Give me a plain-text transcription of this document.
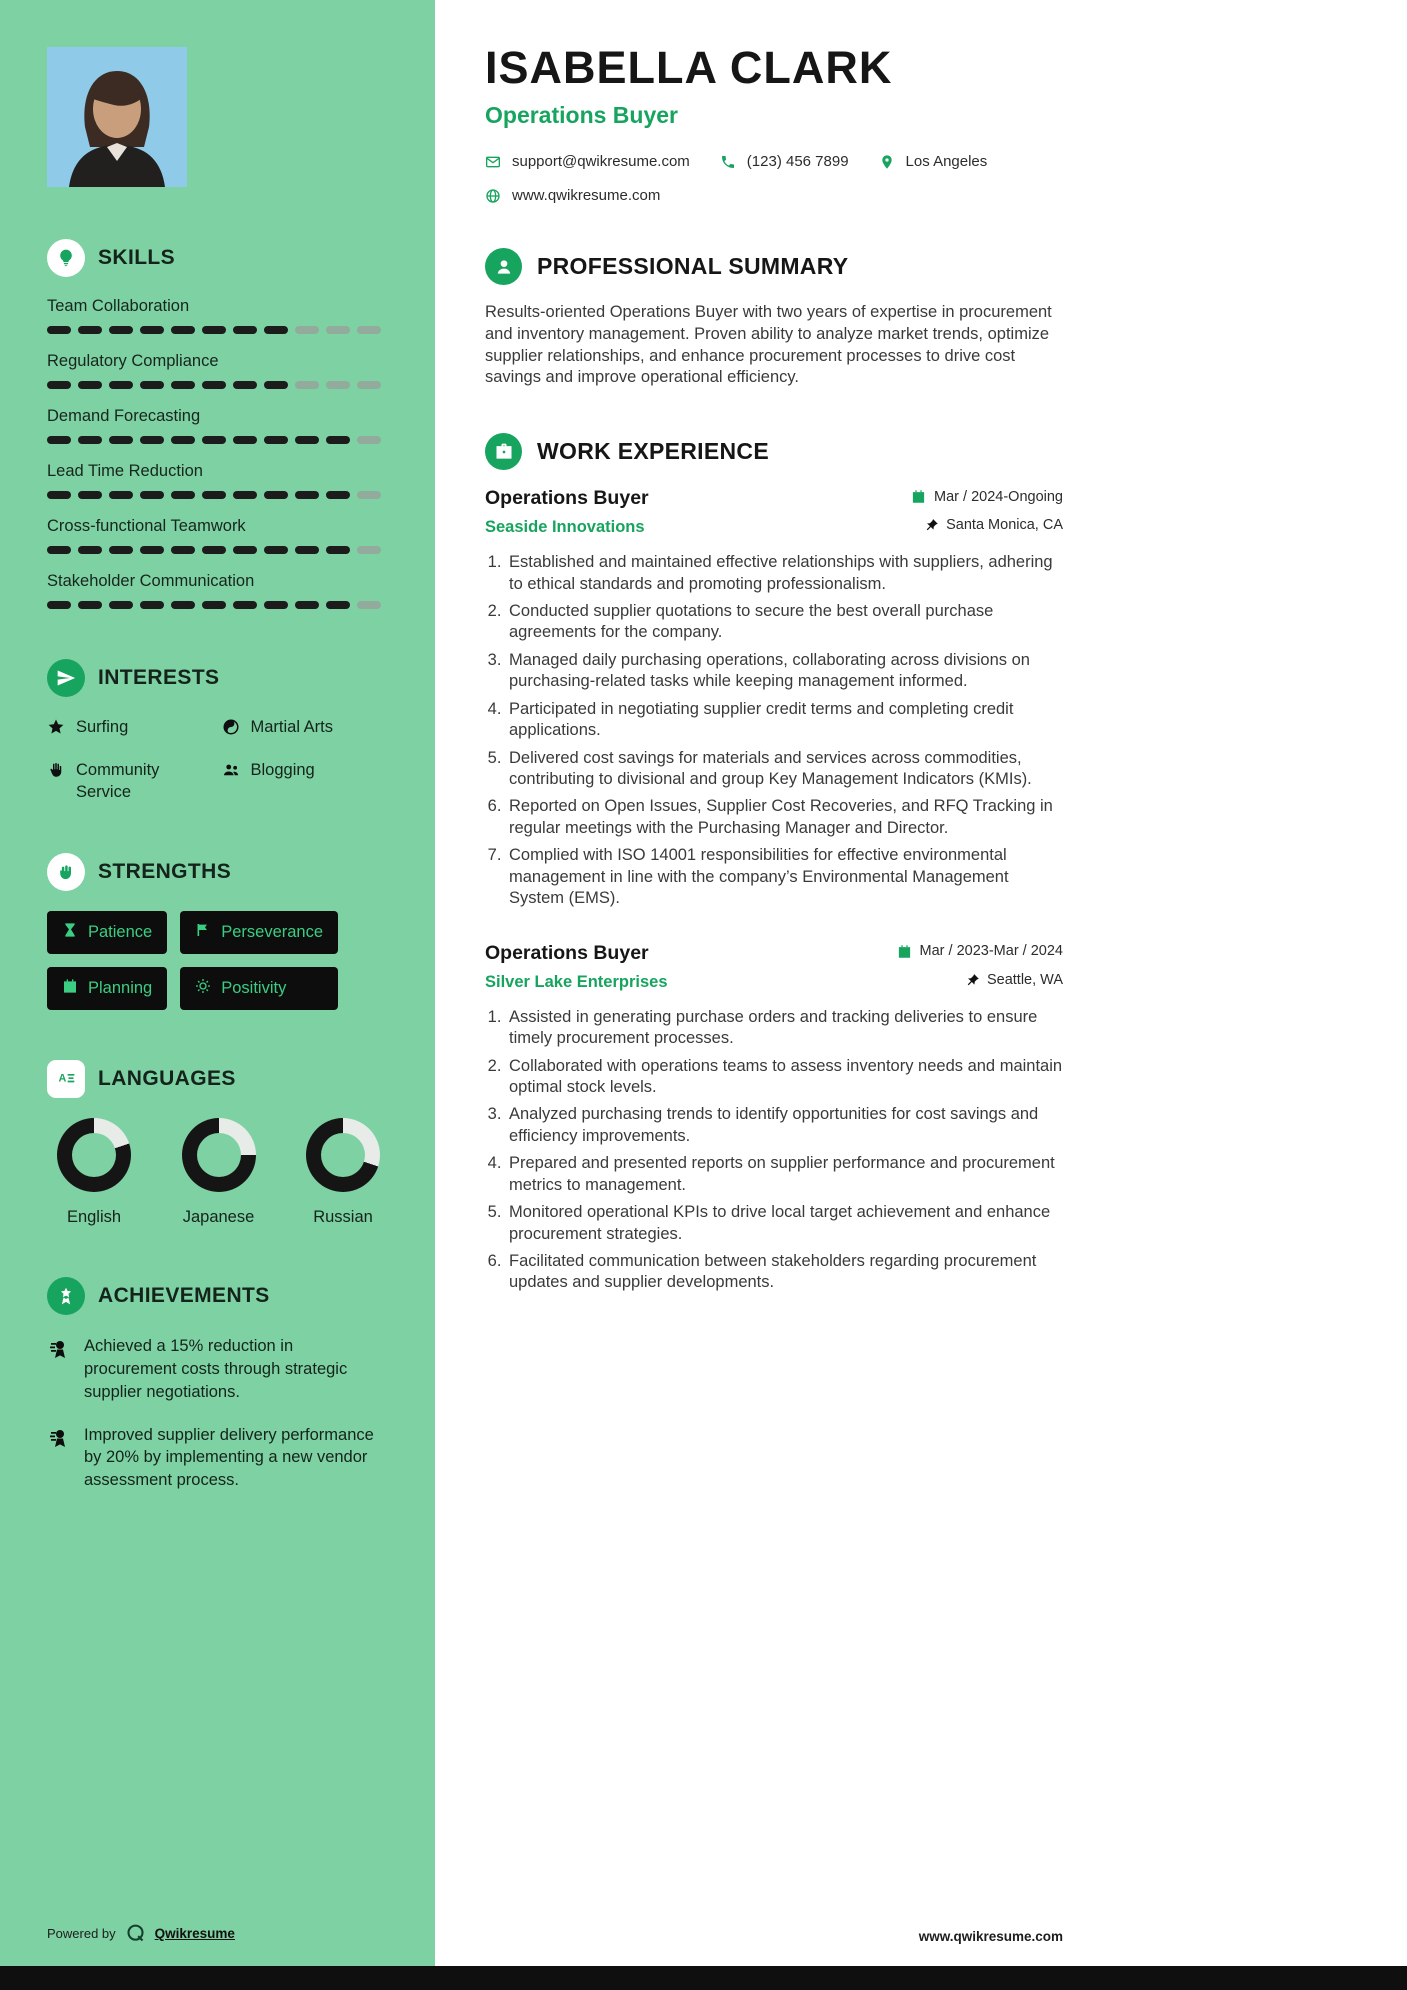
SKILLS
Team Collaboration
Regulatory Compliance
Demand Forecasting
Lead Time Reduction
Cross-functional Teamwork
Stakeholder Communication
INTERESTS
Surfing	Martial Arts
Community Service
Blogging
STRENGTHS
Patience	Perseverance
Planning	Positivity
A LANGUAGES
English	Japanese	Russian
ACHIEVEMENTS
Achieved a 15% reduction in procurement costs through strategic supplier negotiations.
Improved supplier delivery performance by 20% by implementing a new vendor assessment process.
Powered by	Qwikresume
ISABELLA CLARK
Operations Buyer
support@qwikresume.com	(123) 456 7899	Los Angeles
www.qwikresume.com
PROFESSIONAL SUMMARY

Results-oriented Operations Buyer with two years of expertise in procurement and inventory management. Proven ability to analyze market trends, optimize supplier relationships, and enhance procurement processes to drive cost savings and improve operational efficiency.

WORK EXPERIENCE
Operations Buyer	Mar / 2024-Ongoing
Seaside Innovations	Santa Monica, CA
1. Established and maintained effective relationships with suppliers, adhering to ethical standards and promoting professionalism.
2. Conducted supplier quotations to secure the best overall purchase agreements for the company.
3. Managed daily purchasing operations, collaborating across divisions on purchasing-related tasks while keeping management informed.
4. Participated in negotiating supplier credit terms and completing credit applications.
5. Delivered cost savings for materials and services across commodities, contributing to divisional and group Key Management Indicators (KMIs).
6. Reported on Open Issues, Supplier Cost Recoveries, and RFQ Tracking in regular meetings with the Purchasing Manager and Director.
7. Complied with ISO 14001 responsibilities for effective environmental management in line with the company’s Environmental Management System (EMS).
Operations Buyer	Mar / 2023-Mar / 2024
Silver Lake Enterprises	Seattle, WA
1. Assisted in generating purchase orders and tracking deliveries to ensure timely procurement processes.
2. Collaborated with operations teams to assess inventory needs and maintain optimal stock levels.
3. Analyzed purchasing trends to identify opportunities for cost savings and efficiency improvements.
4. Prepared and presented reports on supplier performance and procurement metrics to management.
5. Monitored operational KPIs to drive local target achievement and enhance procurement strategies.
6. Facilitated communication between stakeholders regarding procurement updates and supplier developments.
www.qwikresume.com
